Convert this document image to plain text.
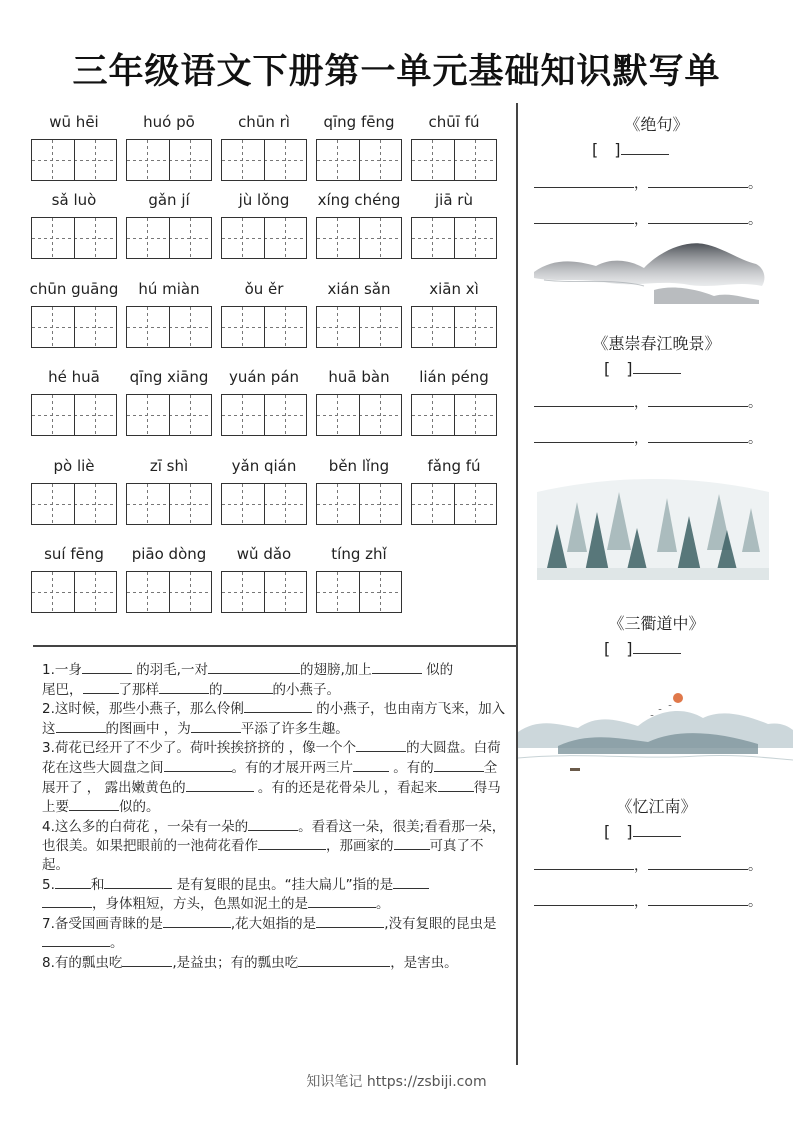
三年级语文下册第一单元基础知识默写单
wū hēi	huó pō	chūn rì	qīng fēng	chūī fú
sǎ luò	gǎn jí	jù lǒng	xíng chéng	jiā rù
chūn guāng	hú miàn	ǒu ěr	xián sǎn	xiān xì
hé huā	qīng xiāng	yuán pán	huā bàn	lián péng
pò liè	zī shì	yǎn qián	běn lǐng	fǎng fú
suí fēng	piāo dòng	wǔ dǎo	tíng zhǐ

1.一身	的羽毛,一对	的翅膀,加上	似的
尾巴，	了那样	的	的小燕子。

2.这时候，那些小燕子，那么伶俐	的小燕子，也由南方飞来，加入这	的图画中 ，为	平添了许多生趣。

3.荷花已经开了不少了。荷叶挨挨挤挤的 ，像一个个	的大圆盘。白荷花在这些大圆盘之间	。有的才展开两三片	。有的	全展开了 ， 露出嫩黄色的	。有的还是花骨朵儿 ，看起来	得马上要	似的。

4.这么多的白荷花 ，一朵有一朵的	。看看这一朵，很美;看看那一朵，也很美。如果把眼前的一池荷花看作	，那画家的	可真了不起。

5.	和	是有复眼的昆虫。“挂大扁儿”指的是
，身体粗短，方头，色黑如泥土的是	。

7.备受国画青睐的是	,花大姐指的是	,没有复眼的昆虫是。

8.有的瓢虫吃	,是益虫；有的瓢虫吃	，是害虫。

《绝句》
[　]
，	。
，	。
《惠崇春江晚景》
[　]
，	。
，	。
《三衢道中》
[　]
《忆江南》
[　]
，	。
，	。
知识笔记 https://zsbiji.com
